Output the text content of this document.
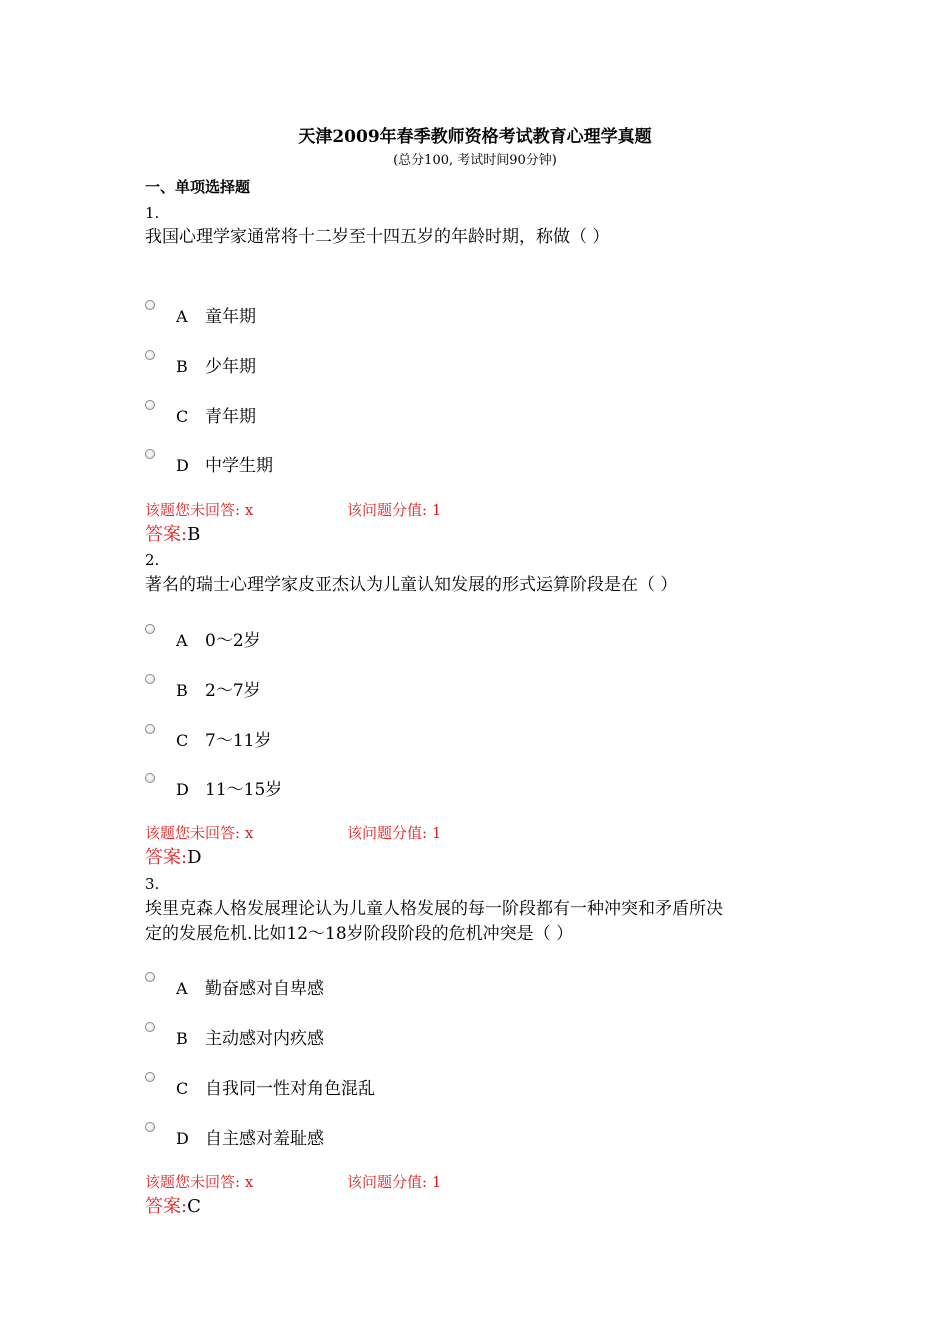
天津2009年春季教师资格考试教育心理学真题
(总分100, 考试时间90分钟)
一、单项选择题
1.
我国心理学家通常将十二岁至十四五岁的年龄时期，称做（ ）
A 童年期
B 少年期
C 青年期
D 中学生期
该题您未回答: x	该问题分值: 1
答案:B
2.
著名的瑞士心理学家皮亚杰认为儿童认知发展的形式运算阶段是在（ ）
A 0～2岁
B 2～7岁
C 7～11岁
D 11～15岁
该题您未回答: x	该问题分值: 1
答案:D
3.
埃里克森人格发展理论认为儿童人格发展的每一阶段都有一种冲突和矛盾所决
定的发展危机.比如12～18岁阶段阶段的危机冲突是（ ）
A 勤奋感对自卑感
B 主动感对内疚感
C 自我同一性对角色混乱
D 自主感对羞耻感
该题您未回答: x	该问题分值: 1
答案:C
